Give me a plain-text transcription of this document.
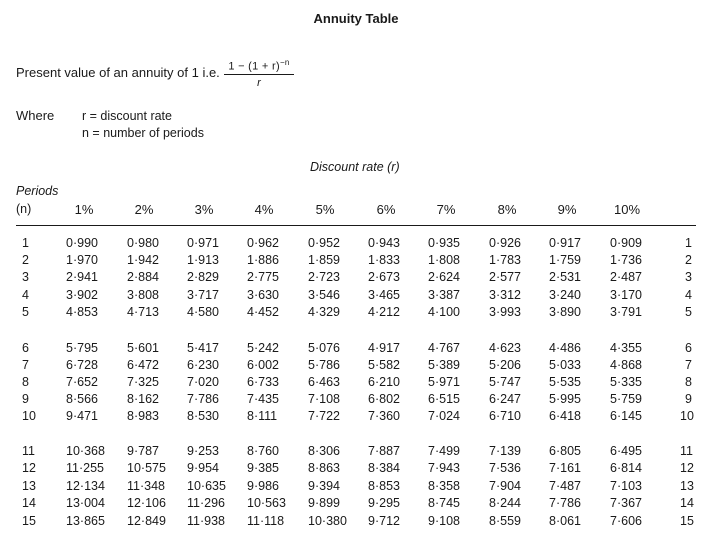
Annuity Table
Present value of an annuity of 1 i.e. $\frac{1 - (1 + r)^{-n}}{r}$
Where r = discount rate
n = number of periods
Discount rate (r)
Periods
(n)	1%	2%	3%	4%	5%	6%	7%	8%	9%	10%
1	0·990 0·980 0·971 0·962 0·952 0·943 0·935 0·926 0·917 0·909	1
2	1·970 1·942 1·913 1·886 1·859 1·833 1·808 1·783 1·759 1·736	2
3	2·941 2·884 2·829 2·775 2·723 2·673 2·624 2·577 2·531 2·487	3
4	3·902 3·808 3·717 3·630 3·546 3·465 3·387 3·312 3·240 3·170	4
5	4·853 4·713 4·580 4·452 4·329 4·212 4·100 3·993 3·890 3·791	5
6	5·795 5·601 5·417 5·242 5·076 4·917 4·767 4·623 4·486 4·355	6
7	6·728 6·472 6·230 6·002 5·786 5·582 5·389 5·206 5·033 4·868	7
8	7·652 7·325 7·020 6·733 6·463 6·210 5·971 5·747 5·535 5·335	8
9	8·566 8·162 7·786 7·435 7·108 6·802 6·515 6·247 5·995 5·759	9
10 9·471 8·983 8·530 8·111 7·722 7·360 7·024 6·710 6·418 6·145	10
11 10·368 9·787 9·253 8·760 8·306 7·887 7·499 7·139 6·805 6·495	11
12 11·255 10·575 9·954 9·385 8·863 8·384 7·943 7·536 7·161 6·814	12
13 12·134 11·348 10·635 9·986 9·394 8·853 8·358 7·904 7·487 7·103	13
14 13·004 12·106 11·296 10·563 9·899 9·295 8·745 8·244 7·786 7·367	14
15 13·865 12·849 11·938 11·118 10·380 9·712 9·108 8·559 8·061 7·606	15
